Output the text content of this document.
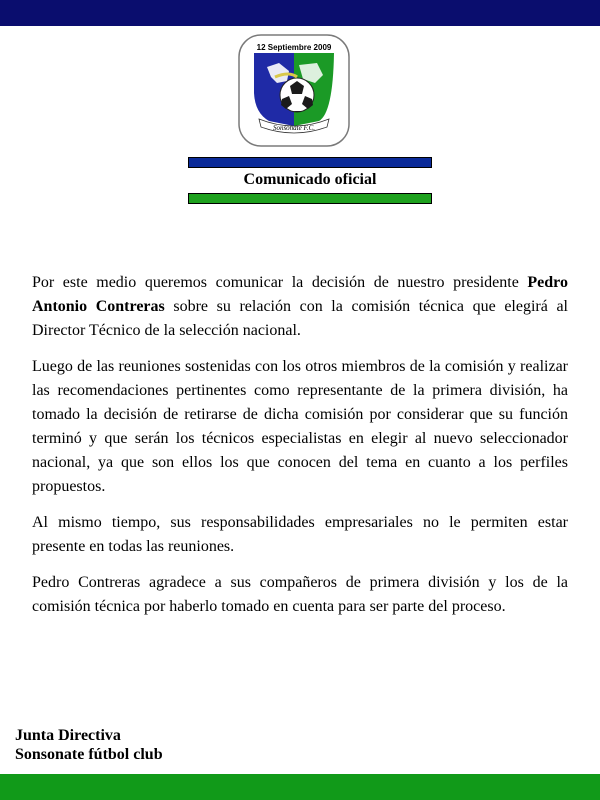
12 Septiembre 2009
Sonsonate F.C.
Comunicado oficial

Por este medio queremos comunicar la decisión de nuestro presidente Pedro Antonio Contreras sobre su relación con la comisión técnica que elegirá al Director Técnico de la selección nacional.

Luego de las reuniones sostenidas con los otros miembros de la comisión y realizar las recomendaciones pertinentes como representante de la primera división, ha tomado la decisión de retirarse de dicha comisión por considerar que su función terminó y que serán los técnicos especialistas en elegir al nuevo seleccionador nacional, ya que son ellos los que conocen del tema en cuanto a los perfiles propuestos.

Al mismo tiempo, sus responsabilidades empresariales no le permiten estar presente en todas las reuniones.

Pedro Contreras agradece a sus compañeros de primera división y los de la comisión técnica por haberlo tomado en cuenta para ser parte del proceso.

Junta Directiva
Sonsonate fútbol club
